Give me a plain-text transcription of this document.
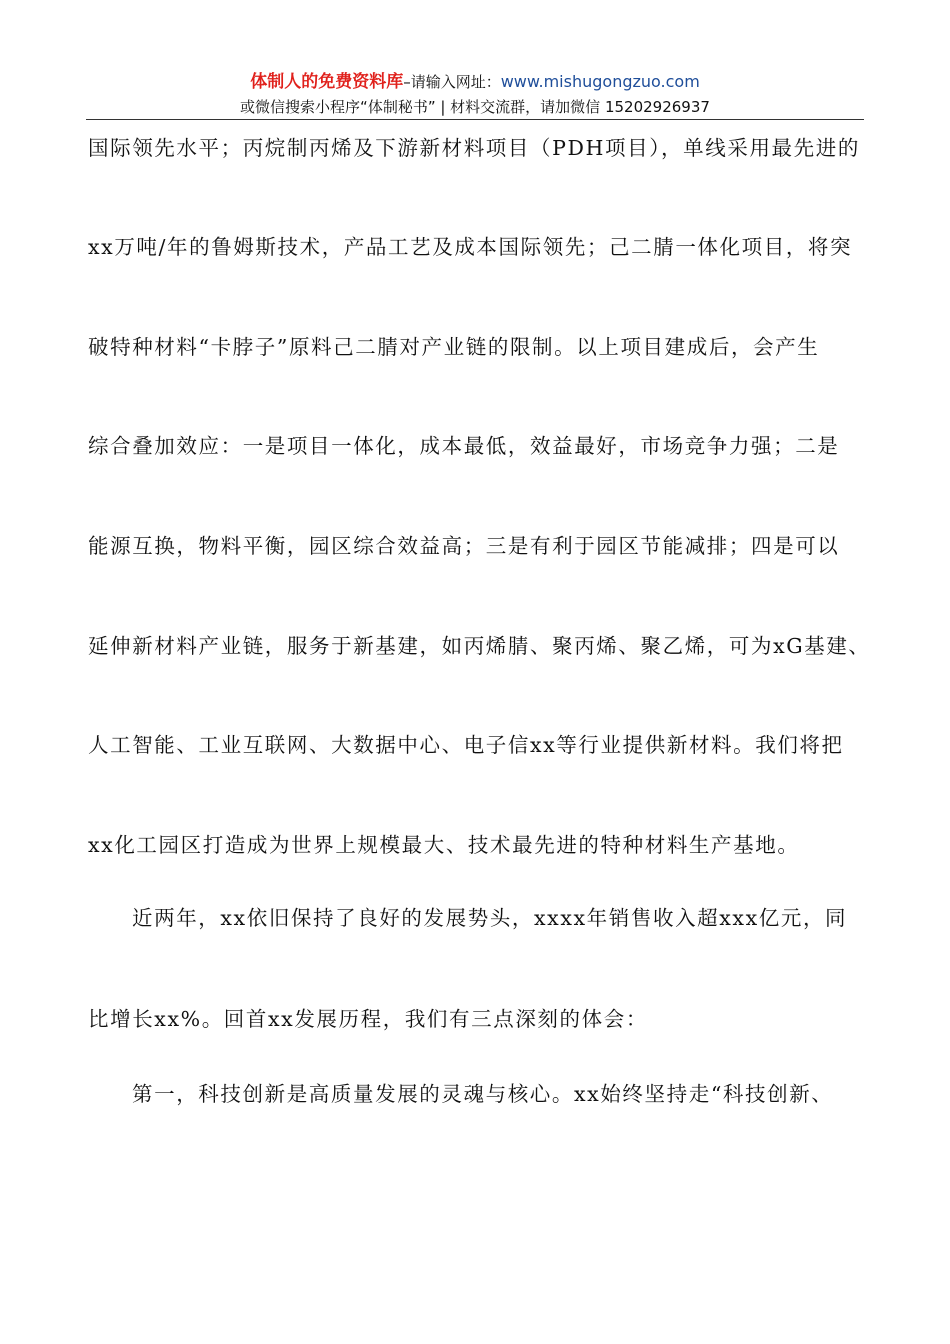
体制人的免费资料库–请输入网址：www.mishugongzuo.com
或微信搜索小程序“体制秘书” | 材料交流群，请加微信 15202926937
国际领先水平；丙烷制丙烯及下游新材料项目（PDH项目），单线采用最先进的
xx万吨/年的鲁姆斯技术，产品工艺及成本国际领先；己二腈一体化项目，将突
破特种材料“卡脖子”原料己二腈对产业链的限制。以上项目建成后，会产生
综合叠加效应：一是项目一体化，成本最低，效益最好，市场竞争力强；二是
能源互换，物料平衡，园区综合效益高；三是有利于园区节能减排；四是可以
延伸新材料产业链，服务于新基建，如丙烯腈、聚丙烯、聚乙烯，可为xG基建、
人工智能、工业互联网、大数据中心、电子信xx等行业提供新材料。我们将把
xx化工园区打造成为世界上规模最大、技术最先进的特种材料生产基地。
近两年，xx依旧保持了良好的发展势头，xxxx年销售收入超xxx亿元，同
比增长xx%。回首xx发展历程，我们有三点深刻的体会：
第一，科技创新是高质量发展的灵魂与核心。xx始终坚持走“科技创新、
